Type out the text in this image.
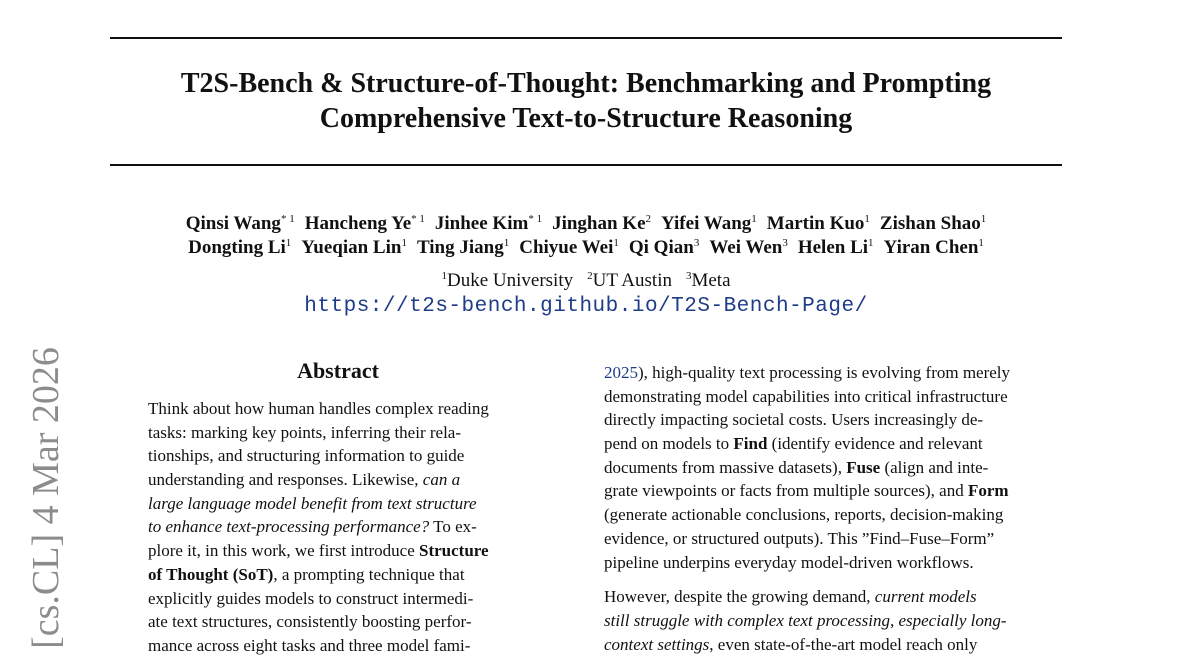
T2S-Bench & Structure-of-Thought: Benchmarking and Prompting
Comprehensive Text-to-Structure Reasoning
Qinsi Wang$^{* 1}$ Hancheng Ye$^{* 1}$ Jinhee Kim$^{* 1}$ Jinghan Ke$^2$ Yifei Wang$^1$ Martin Kuo$^1$ Zishan Shao$^1$
Dongting Li$^1$ Yueqian Lin$^1$ Ting Jiang$^1$ Chiyue Wei$^1$ Qi Qian$^3$ Wei Wen$^3$ Helen Li$^1$ Yiran Chen$^1$
$^1$Duke University $^2$UT Austin $^3$Meta
https://t2s-bench.github.io/T2S-Bench-Page/
[cs.CL] 4 Mar 2026	Abstract
Think about how human handles complex reading
tasks: marking key points, inferring their rela-
tionships, and structuring information to guide
understanding and responses. Likewise, can a
large language model benefit from text structure
to enhance text-processing performance? To ex-
plore it, in this work, we first introduce Structure
of Thought (SoT), a prompting technique that
explicitly guides models to construct intermedi-
ate text structures, consistently boosting perfor-
mance across eight tasks and three model fami-
2025), high-quality text processing is evolving from merely
demonstrating model capabilities into critical infrastructure
directly impacting societal costs. Users increasingly de-
pend on models to Find (identify evidence and relevant
documents from massive datasets), Fuse (align and inte-
grate viewpoints or facts from multiple sources), and Form
(generate actionable conclusions, reports, decision-making
evidence, or structured outputs). This ”Find–Fuse–Form”
pipeline underpins everyday model-driven workflows.
However, despite the growing demand, current models
still struggle with complex text processing, especially long-
context settings, even state-of-the-art model reach only
